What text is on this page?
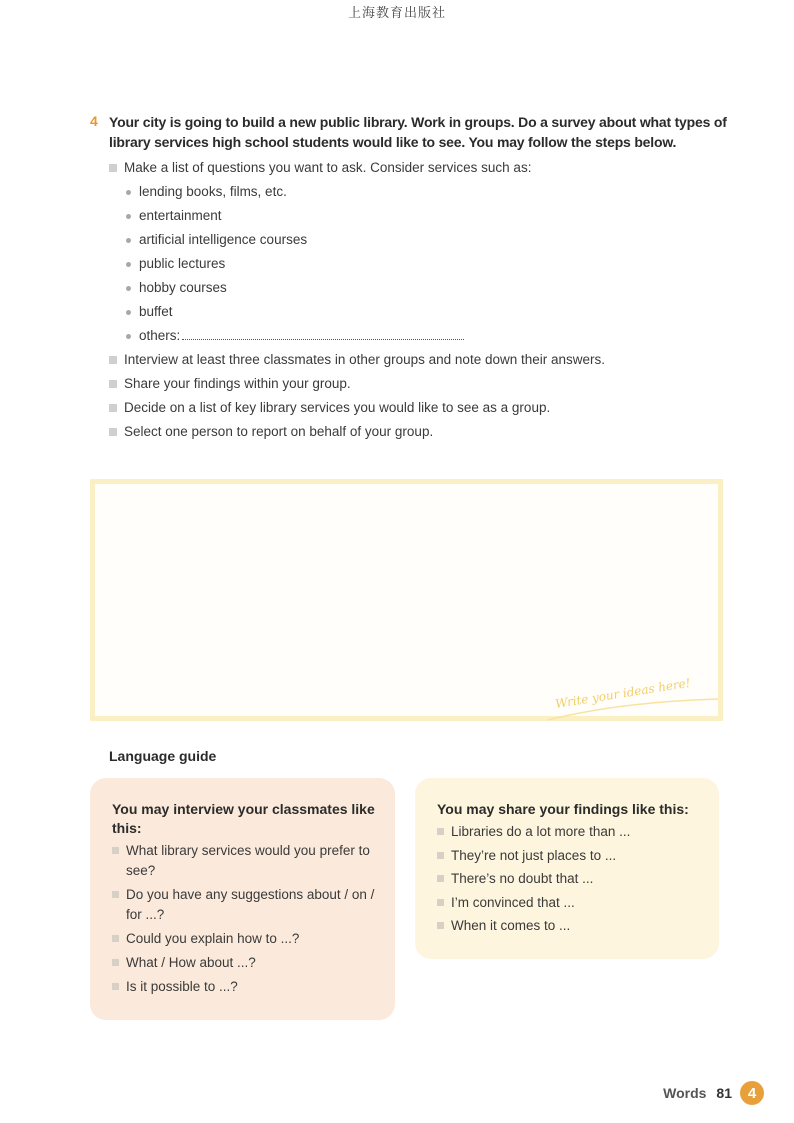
上海教育出版社
4 Your city is going to build a new public library. Work in groups. Do a survey about what types of library services high school students would like to see. You may follow the steps below.

Make a list of questions you want to ask. Consider services such as:
lending books, films, etc.
entertainment
artificial intelligence courses
public lectures
hobby courses
buffet
others:
Interview at least three classmates in other groups and note down their answers.
Share your findings within your group.
Decide on a list of key library services you would like to see as a group.
Select one person to report on behalf of your group.
Write your ideas here!
Language guide
You may interview your classmates like this:
What library services would you prefer to see?
Do you have any suggestions about / on / for ...?
Could you explain how to ...?
What / How about ...?
Is it possible to ...?
You may share your findings like this:
Libraries do a lot more than ...
They’re not just places to ...
There’s no doubt that ...
I’m convinced that ...
When it comes to ...
Words 81	4
